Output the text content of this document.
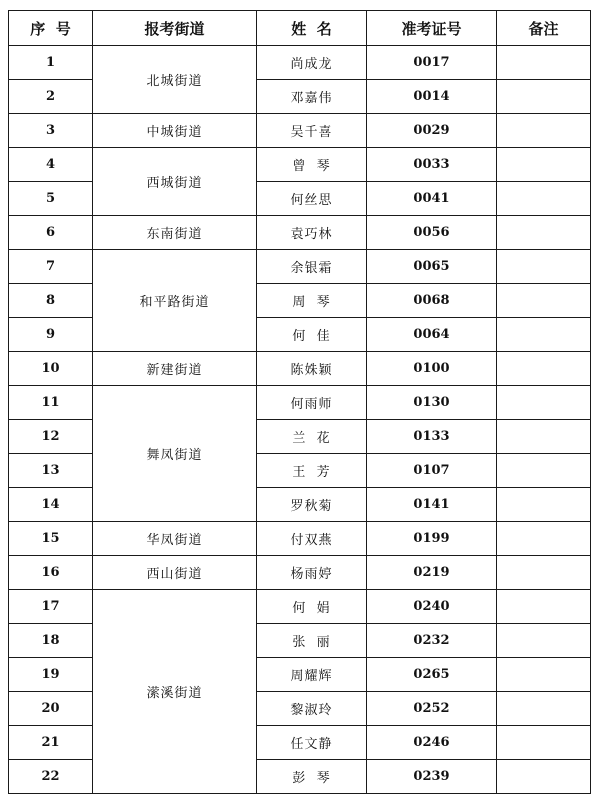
序  号	报考街道	姓  名	准考证号	备注
1	北城街道	尚成龙	0017	
2		邓嘉伟	0014	
3	中城街道	吴千喜	0029	
4	西城街道	曾  琴	0033	
5		何丝思	0041	
6	东南街道	袁巧林	0056	
7	和平路街道	余银霜	0065	
8		周  琴	0068	
9		何  佳	0064	
10	新建街道	陈姝颖	0100	
11	舞凤街道	何雨师	0130	
12		兰  花	0133	
13		王  芳	0107	
14		罗秋菊	0141	
15	华凤街道	付双燕	0199	
16	西山街道	杨雨婷	0219	
17	潆溪街道	何  娟	0240	
18		张  丽	0232	
19		周耀辉	0265	
20		黎淑玲	0252	
21		任文静	0246	
22		彭  琴	0239	
